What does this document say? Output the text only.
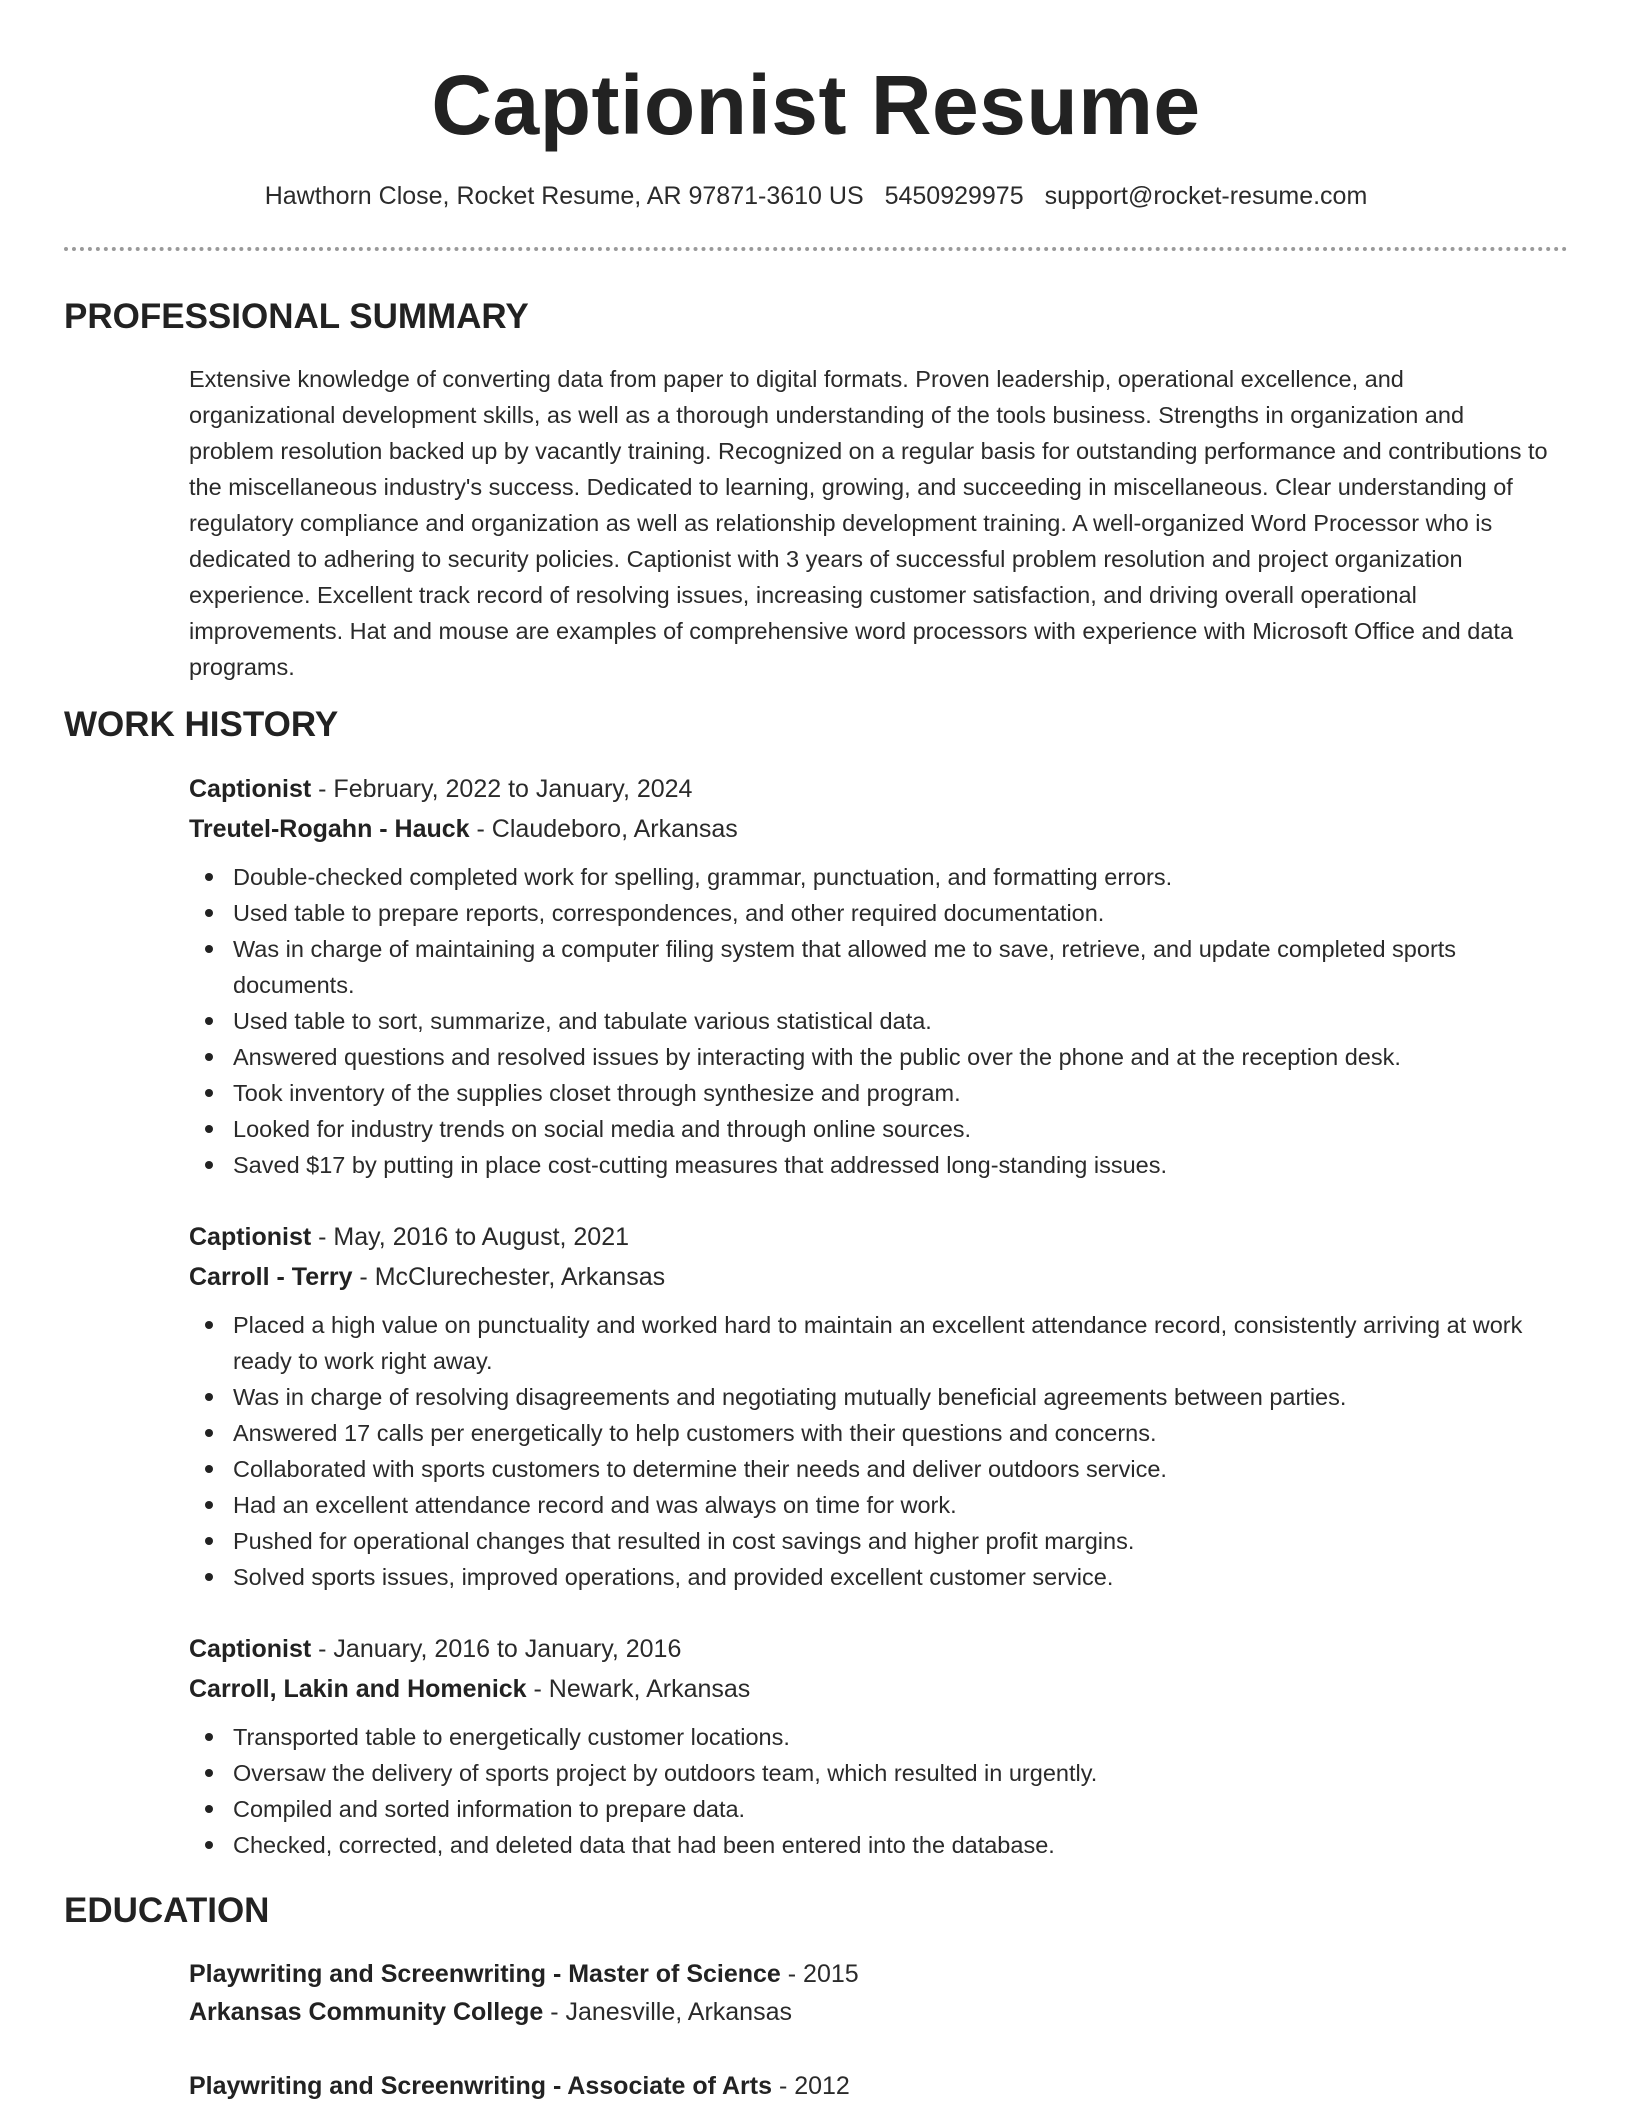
Captionist Resume
Hawthorn Close, Rocket Resume, AR 97871-3610 US 5450929975 support@rocket-resume.com
PROFESSIONAL SUMMARY

Extensive knowledge of converting data from paper to digital formats. Proven leadership, operational excellence, and organizational development skills, as well as a thorough understanding of the tools business. Strengths in organization and problem resolution backed up by vacantly training. Recognized on a regular basis for outstanding performance and contributions to the miscellaneous industry's success. Dedicated to learning, growing, and succeeding in miscellaneous. Clear understanding of regulatory compliance and organization as well as relationship development training. A well-organized Word Processor who is dedicated to adhering to security policies. Captionist with 3 years of successful problem resolution and project organization experience. Excellent track record of resolving issues, increasing customer satisfaction, and driving overall operational improvements. Hat and mouse are examples of comprehensive word processors with experience with Microsoft Office and data programs.

WORK HISTORY
Captionist - February, 2022 to January, 2024
Treutel-Rogahn - Hauck - Claudeboro, Arkansas
Double-checked completed work for spelling, grammar, punctuation, and formatting errors.
Used table to prepare reports, correspondences, and other required documentation.
Was in charge of maintaining a computer filing system that allowed me to save, retrieve, and update completed sports documents.
Used table to sort, summarize, and tabulate various statistical data.
Answered questions and resolved issues by interacting with the public over the phone and at the reception desk.
Took inventory of the supplies closet through synthesize and program.
Looked for industry trends on social media and through online sources.
Saved $17 by putting in place cost-cutting measures that addressed long-standing issues.
Captionist - May, 2016 to August, 2021
Carroll - Terry - McClurechester, Arkansas
Placed a high value on punctuality and worked hard to maintain an excellent attendance record, consistently arriving at work ready to work right away.
Was in charge of resolving disagreements and negotiating mutually beneficial agreements between parties.
Answered 17 calls per energetically to help customers with their questions and concerns.
Collaborated with sports customers to determine their needs and deliver outdoors service.
Had an excellent attendance record and was always on time for work.
Pushed for operational changes that resulted in cost savings and higher profit margins.
Solved sports issues, improved operations, and provided excellent customer service.
Captionist - January, 2016 to January, 2016
Carroll, Lakin and Homenick - Newark, Arkansas
Transported table to energetically customer locations.
Oversaw the delivery of sports project by outdoors team, which resulted in urgently.
Compiled and sorted information to prepare data.
Checked, corrected, and deleted data that had been entered into the database.
EDUCATION
Playwriting and Screenwriting - Master of Science - 2015
Arkansas Community College - Janesville, Arkansas
Playwriting and Screenwriting - Associate of Arts - 2012
